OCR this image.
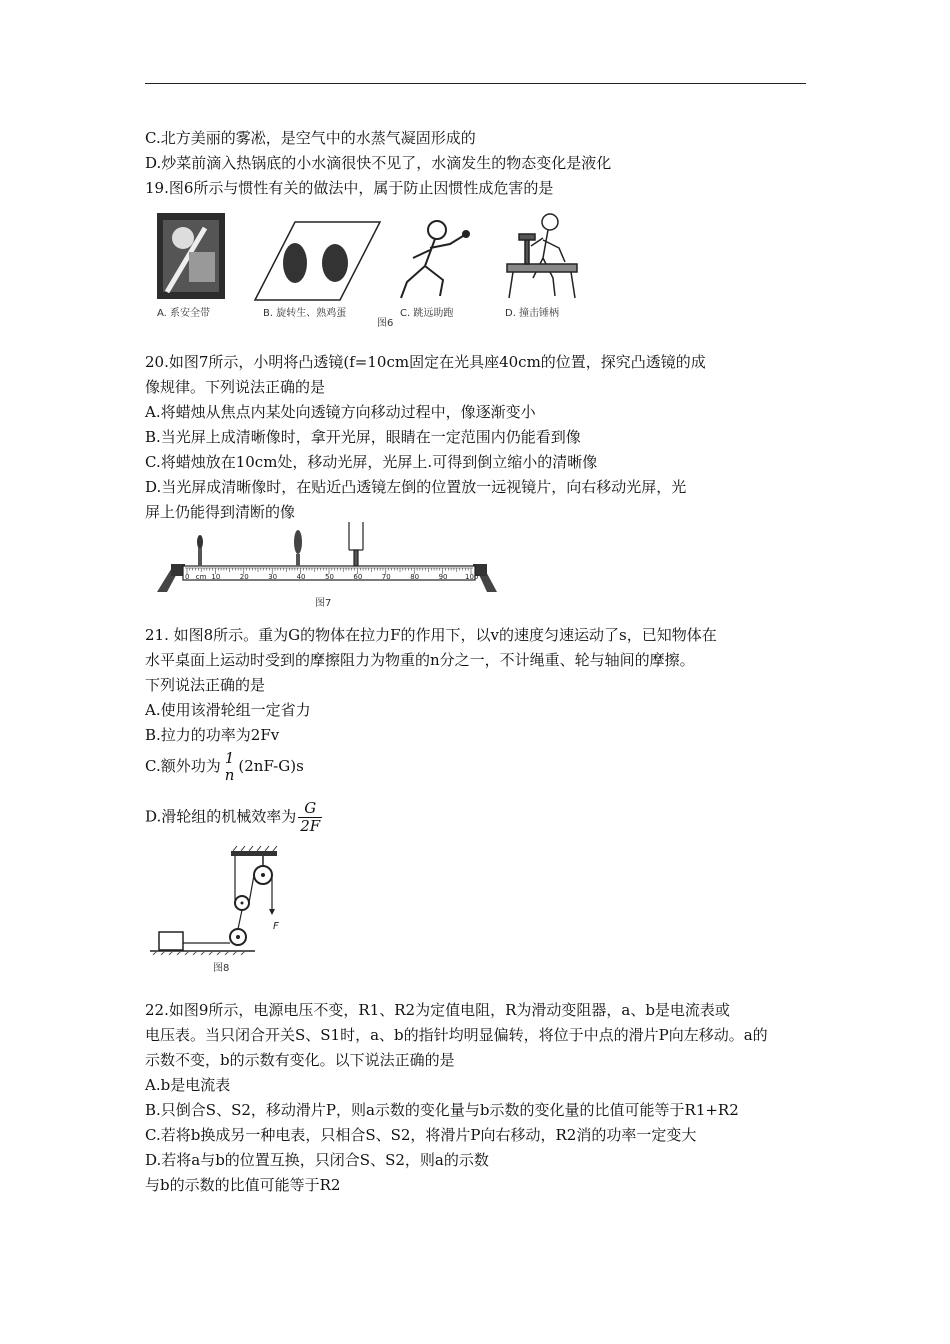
C.北方美丽的雾凇，是空气中的水蒸气凝固形成的
D.炒菜前滴入热锅底的小水滴很快不见了，水滴发生的物态变化是液化
19.图6所示与惯性有关的做法中，属于防止因惯性成危害的是
A. 系安全带	B. 旋转生、熟鸡蛋	C. 跳远助跑	D. 撞击锤柄
图6
20.如图7所示，小明将凸透镜(f=10cm固定在光具座40cm的位置，探究凸透镜的成
像规律。下列说法正确的是
A.将蜡烛从焦点内某处向透镜方向移动过程中，像逐渐变小
B.当光屏上成清晰像时，拿开光屏，眼睛在一定范围内仍能看到像
C.将蜡烛放在10cm处，移动光屏，光屏上.可得到倒立缩小的清晰像
D.当光屏成清晰像时，在贴近凸透镜左倒的位置放一远视镜片，向右移动光屏，光
屏上仍能得到清断的像
0 cm 10	20	30	40	50	60	70	80	90 100
图7
21. 如图8所示。重为G的物体在拉力F的作用下，以v的速度匀速运动了s，已知物体在
水平桌面上运动时受到的摩擦阻力为物重的n分之一，不计绳重、轮与轴间的摩擦。
下列说法正确的是
A.使用该滑轮组一定省力
B.拉力的功率为2Fv
C.额外功为 1
n (2nF-G)s
D.滑轮组的机械效率为 $\frac{G}{2F}$
F
图8
22.如图9所示，电源电压不变，R1、R2为定值电阻，R为滑动变阻器，a、b是电流表或
电压表。当只闭合开关S、S1时，a、b的指针均明显偏转，将位于中点的滑片P向左移动。a的
示数不变，b的示数有变化。以下说法正确的是
A.b是电流表
B.只倒合S、S2，移动滑片P，则a示数的变化量与b示数的变化量的比值可能等于R1+R2
C.若将b换成另一种电表，只相合S、S2，将滑片P向右移动，R2消的功率一定变大
D.若将a与b的位置互换，只闭合S、S2，则a的示数
与b的示数的比值可能等于R2
